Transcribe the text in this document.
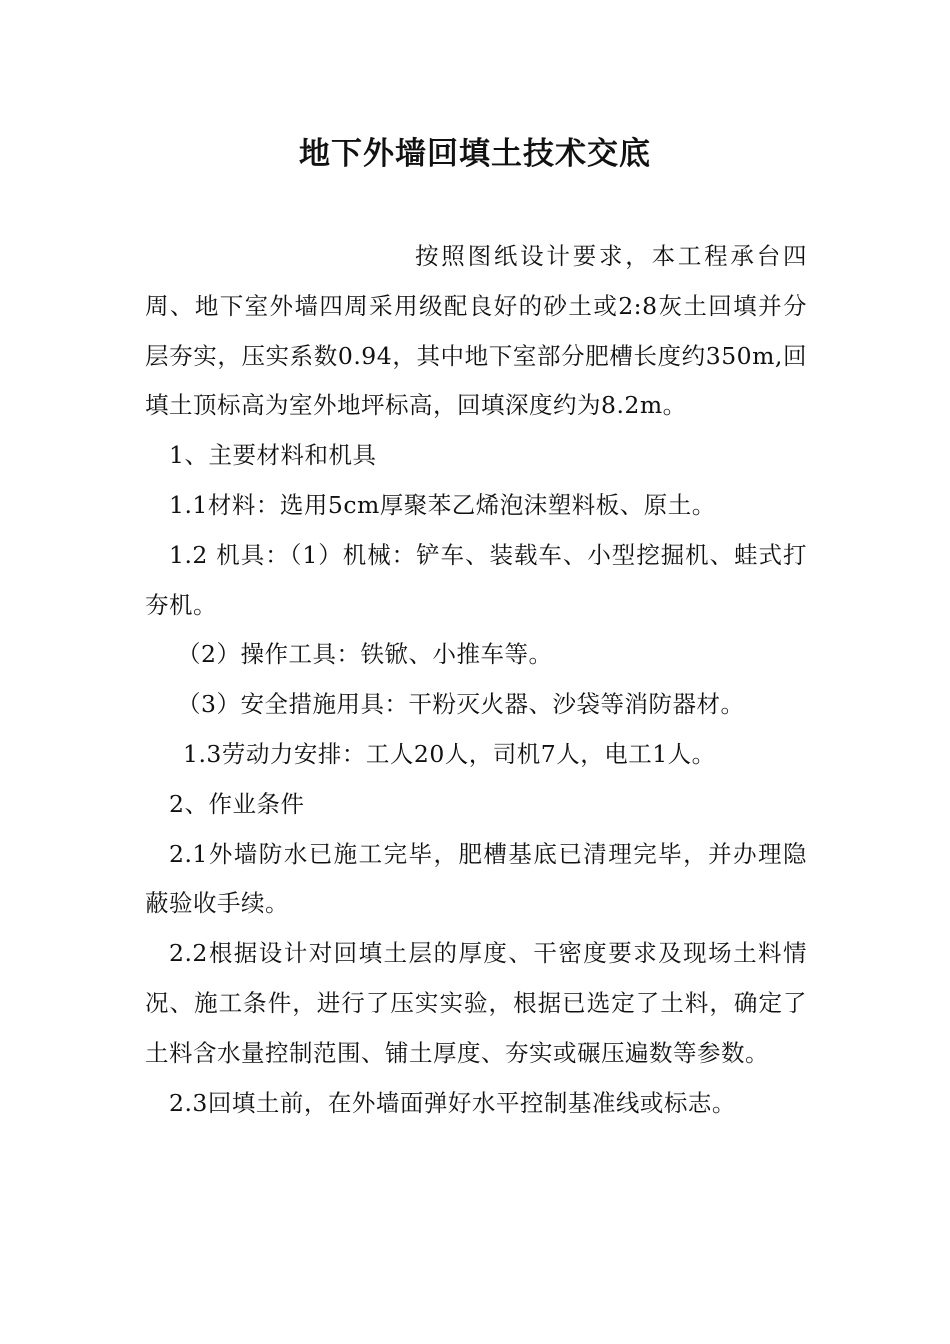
地下外墙回填土技术交底

按照图纸设计要求，本工程承台四周、地下室外墙四周采用级配良好的砂土或2:8灰土回填并分层夯实，压实系数0.94，其中地下室部分肥槽长度约350m,回填土顶标高为室外地坪标高，回填深度约为8.2m。

1、主要材料和机具

1.1材料：选用5cm厚聚苯乙烯泡沫塑料板、原土。

1.2 机具：（1）机械：铲车、装载车、小型挖掘机、蛙式打夯机。

（2）操作工具：铁锨、小推车等。

（3）安全措施用具：干粉灭火器、沙袋等消防器材。

1.3劳动力安排：工人20人，司机7人，电工1人。

2、作业条件

2.1外墙防水已施工完毕，肥槽基底已清理完毕，并办理隐蔽验收手续。

2.2根据设计对回填土层的厚度、干密度要求及现场土料情况、施工条件，进行了压实实验，根据已选定了土料，确定了土料含水量控制范围、铺土厚度、夯实或碾压遍数等参数。

2.3回填土前，在外墙面弹好水平控制基准线或标志。
